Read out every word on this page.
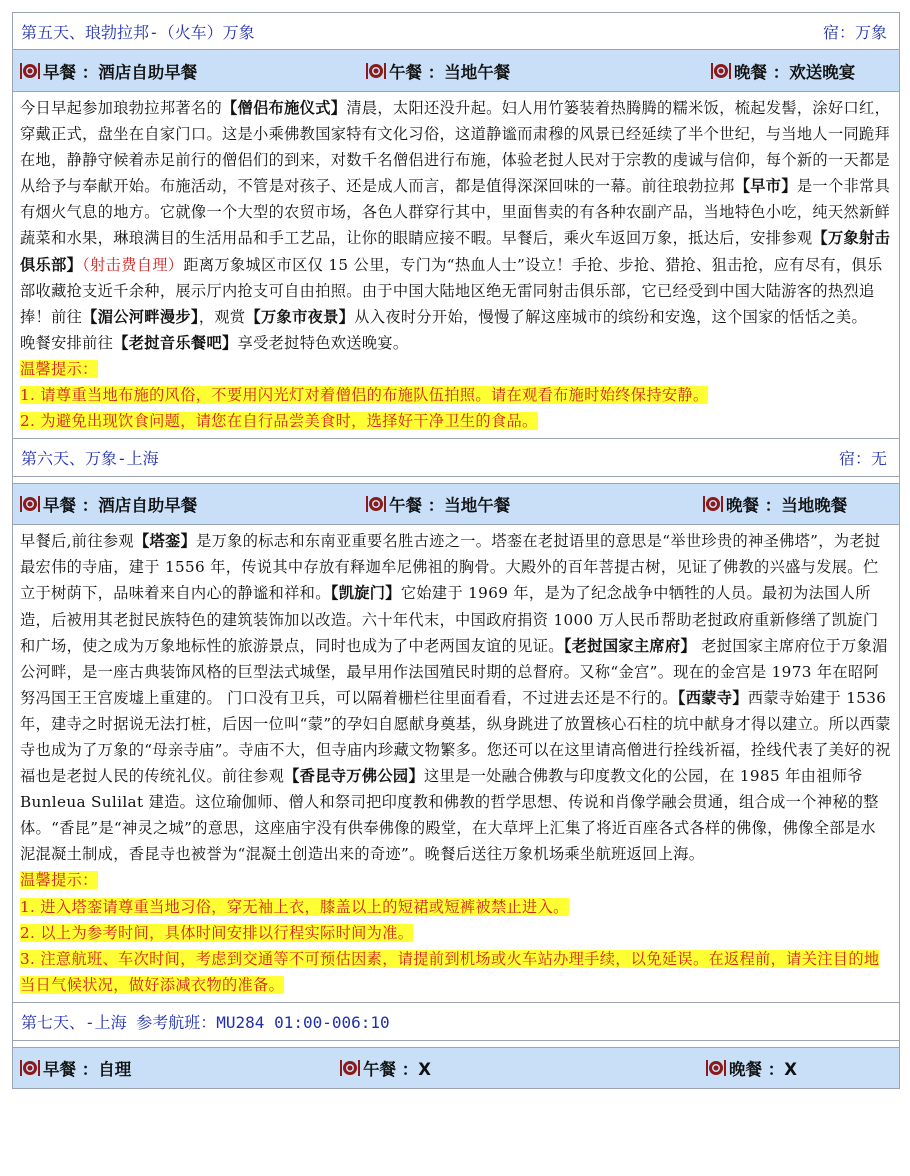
第五天、琅勃拉邦-（火车）万象	宿：万象
早餐 ：酒店自助早餐	午餐 ：当地午餐	晚餐 ：欢送晚宴

今日早起参加琅勃拉邦著名的【僧侣布施仪式】清晨，太阳还没升起。妇人用竹篓装着热腾腾的糯米饭，梳起发髻，涂好口红，穿戴正式，盘坐在自家门口。这是小乘佛教国家特有文化习俗，这道静谧而肃穆的风景已经延续了半个世纪，与当地人一同跪拜在地，静静守候着赤足前行的僧侣们的到来，对数千名僧侣进行布施，体验老挝人民对于宗教的虔诚与信仰，每个新的一天都是从给予与奉献开始。布施活动，不管是对孩子、还是成人而言，都是值得深深回味的一幕。前往琅勃拉邦【早市】是一个非常具有烟火气息的地方。它就像一个大型的农贸市场，各色人群穿行其中，里面售卖的有各种农副产品，当地特色小吃，纯天然新鲜蔬菜和水果，琳琅满目的生活用品和手工艺品，让你的眼睛应接不暇。早餐后，乘火车返回万象，抵达后，安排参观【万象射击俱乐部】（射击费自理）距离万象城区市区仅 15 公里，专门为“热血人士”设立！手抢、步抢、猎抢、狙击抢，应有尽有，俱乐部收藏抢支近千余种，展示厅内抢支可自由拍照。由于中国大陆地区绝无雷同射击俱乐部，它已经受到中国大陆游客的热烈追捧！前往【湄公河畔漫步】，观赏【万象市夜景】从入夜时分开始，慢慢了解这座城市的缤纷和安逸，这个国家的恬恬之美。

晚餐安排前往【老挝音乐餐吧】享受老挝特色欢送晚宴。

温馨提示：

1. 请尊重当地布施的风俗，不要用闪光灯对着僧侣的布施队伍拍照。请在观看布施时始终保持安静。

2. 为避免出现饮食问题，请您在自行品尝美食时，选择好干净卫生的食品。

第六天、万象-上海	宿：无
早餐 ：酒店自助早餐	午餐 ：当地午餐	晚餐 ：当地晚餐

早餐后,前往参观【塔銮】是万象的标志和东南亚重要名胜古迹之一。塔銮在老挝语里的意思是“举世珍贵的神圣佛塔”，为老挝最宏伟的寺庙，建于 1556 年，传说其中存放有释迦牟尼佛祖的胸骨。大殿外的百年菩提古树，见证了佛教的兴盛与发展。伫立于树荫下，品味着来自内心的静谧和祥和。【凯旋门】它始建于 1969 年，是为了纪念战争中牺牲的人员。最初为法国人所造，后被用其老挝民族特色的建筑装饰加以改造。六十年代末，中国政府捐资 1000 万人民币帮助老挝政府重新修缮了凯旋门和广场，使之成为万象地标性的旅游景点，同时也成为了中老两国友谊的见证。【老挝国家主席府】 老挝国家主席府位于万象湄公河畔，是一座古典装饰风格的巨型法式城堡，最早用作法国殖民时期的总督府。又称“金宫”。现在的金宫是 1973 年在昭阿努冯国王王宫废墟上重建的。 门口没有卫兵，可以隔着栅栏往里面看看，不过进去还是不行的。【西蒙寺】西蒙寺始建于 1536 年，建寺之时据说无法打桩，后因一位叫“蒙”的孕妇自愿献身奠基，纵身跳进了放置核心石柱的坑中献身才得以建立。所以西蒙寺也成为了万象的“母亲寺庙”。寺庙不大，但寺庙内珍藏文物繁多。您还可以在这里请高僧进行拴线祈福，拴线代表了美好的祝福也是老挝人民的传统礼仪。前往参观【香昆寺万佛公园】这里是一处融合佛教与印度教文化的公园，在 1985 年由祖师爷 Bunleua Sulilat 建造。这位瑜伽师、僧人和祭司把印度教和佛教的哲学思想、传说和肖像学融会贯通，组合成一个神秘的整体。“香昆”是“神灵之城”的意思，这座庙宇没有供奉佛像的殿堂，在大草坪上汇集了将近百座各式各样的佛像，佛像全部是水泥混凝土制成，香昆寺也被誉为“混凝土创造出来的奇迹”。晚餐后送往万象机场乘坐航班返回上海。

温馨提示：

1. 进入塔銮请尊重当地习俗，穿无袖上衣，膝盖以上的短裙或短裤被禁止进入。

2. 以上为参考时间，具体时间安排以行程实际时间为准。

3. 注意航班、车次时间，考虑到交通等不可预估因素，请提前到机场或火车站办理手续，以免延误。在返程前，请关注目的地当日气候状况，做好添减衣物的准备。

第七天、-上海 参考航班：MU284 01:00-006:10
早餐 ：自理	午餐 ：X	晚餐 ：X
